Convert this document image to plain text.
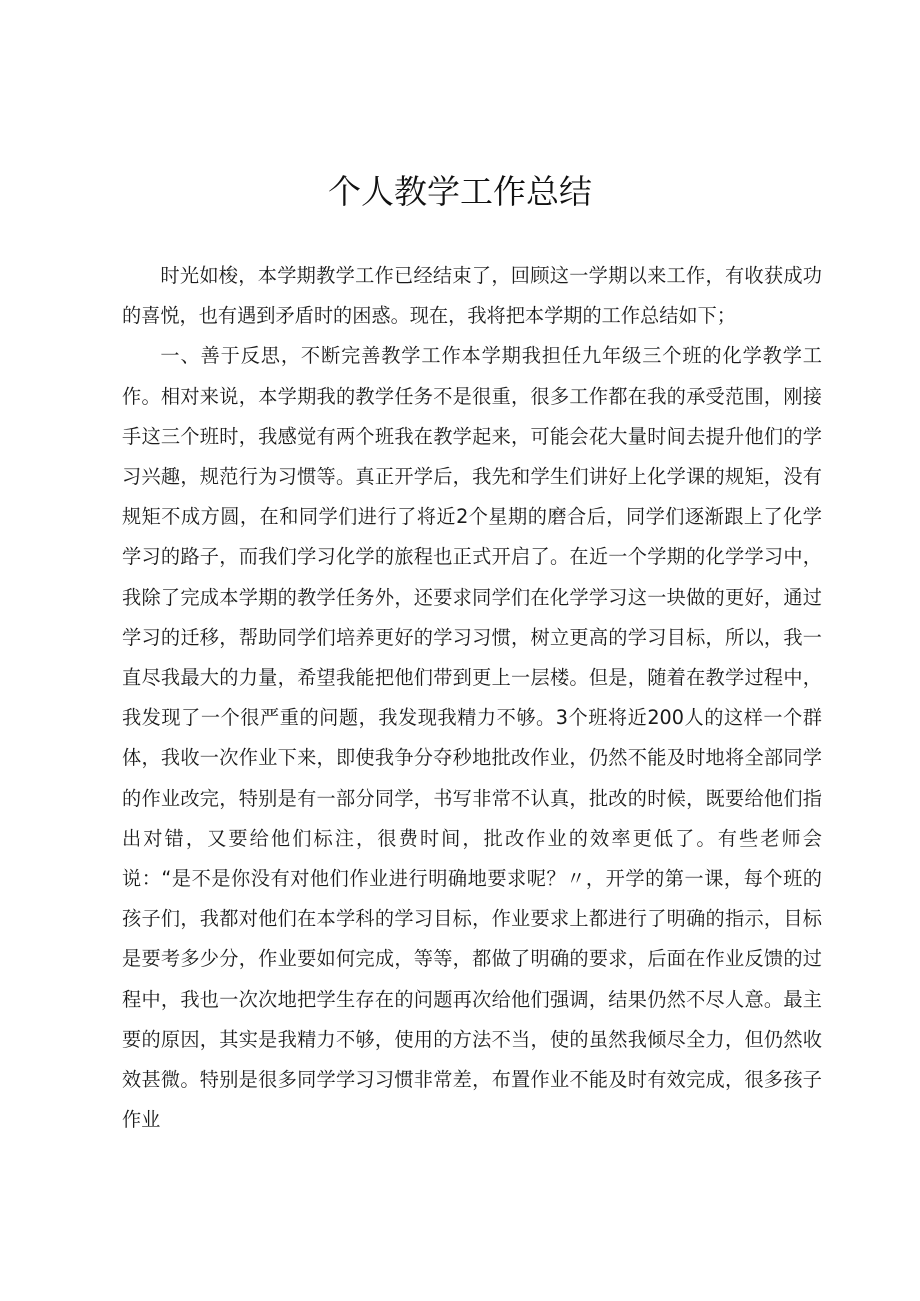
个人教学工作总结

时光如梭，本学期教学工作已经结束了，回顾这一学期以来工作，有收获成功的喜悦，也有遇到矛盾时的困惑。现在，我将把本学期的工作总结如下；

一、善于反思，不断完善教学工作本学期我担任九年级三个班的化学教学工作。相对来说，本学期我的教学任务不是很重，很多工作都在我的承受范围，刚接手这三个班时，我感觉有两个班我在教学起来，可能会花大量时间去提升他们的学习兴趣，规范行为习惯等。真正开学后，我先和学生们讲好上化学课的规矩，没有规矩不成方圆，在和同学们进行了将近2个星期的磨合后，同学们逐渐跟上了化学学习的路子，而我们学习化学的旅程也正式开启了。在近一个学期的化学学习中，我除了完成本学期的教学任务外，还要求同学们在化学学习这一块做的更好，通过学习的迁移，帮助同学们培养更好的学习习惯，树立更高的学习目标，所以，我一直尽我最大的力量，希望我能把他们带到更上一层楼。但是，随着在教学过程中，我发现了一个很严重的问题，我发现我精力不够。3个班将近200人的这样一个群体，我收一次作业下来，即使我争分夺秒地批改作业，仍然不能及时地将全部同学的作业改完，特别是有一部分同学，书写非常不认真，批改的时候，既要给他们指出对错，又要给他们标注，很费时间，批改作业的效率更低了。有些老师会说：“是不是你没有对他们作业进行明确地要求呢？〃，开学的第一课，每个班的孩子们，我都对他们在本学科的学习目标，作业要求上都进行了明确的指示，目标是要考多少分，作业要如何完成，等等，都做了明确的要求，后面在作业反馈的过程中，我也一次次地把学生存在的问题再次给他们强调，结果仍然不尽人意。最主要的原因，其实是我精力不够，使用的方法不当，使的虽然我倾尽全力，但仍然收效甚微。特别是很多同学学习习惯非常差，布置作业不能及时有效完成，很多孩子作业
